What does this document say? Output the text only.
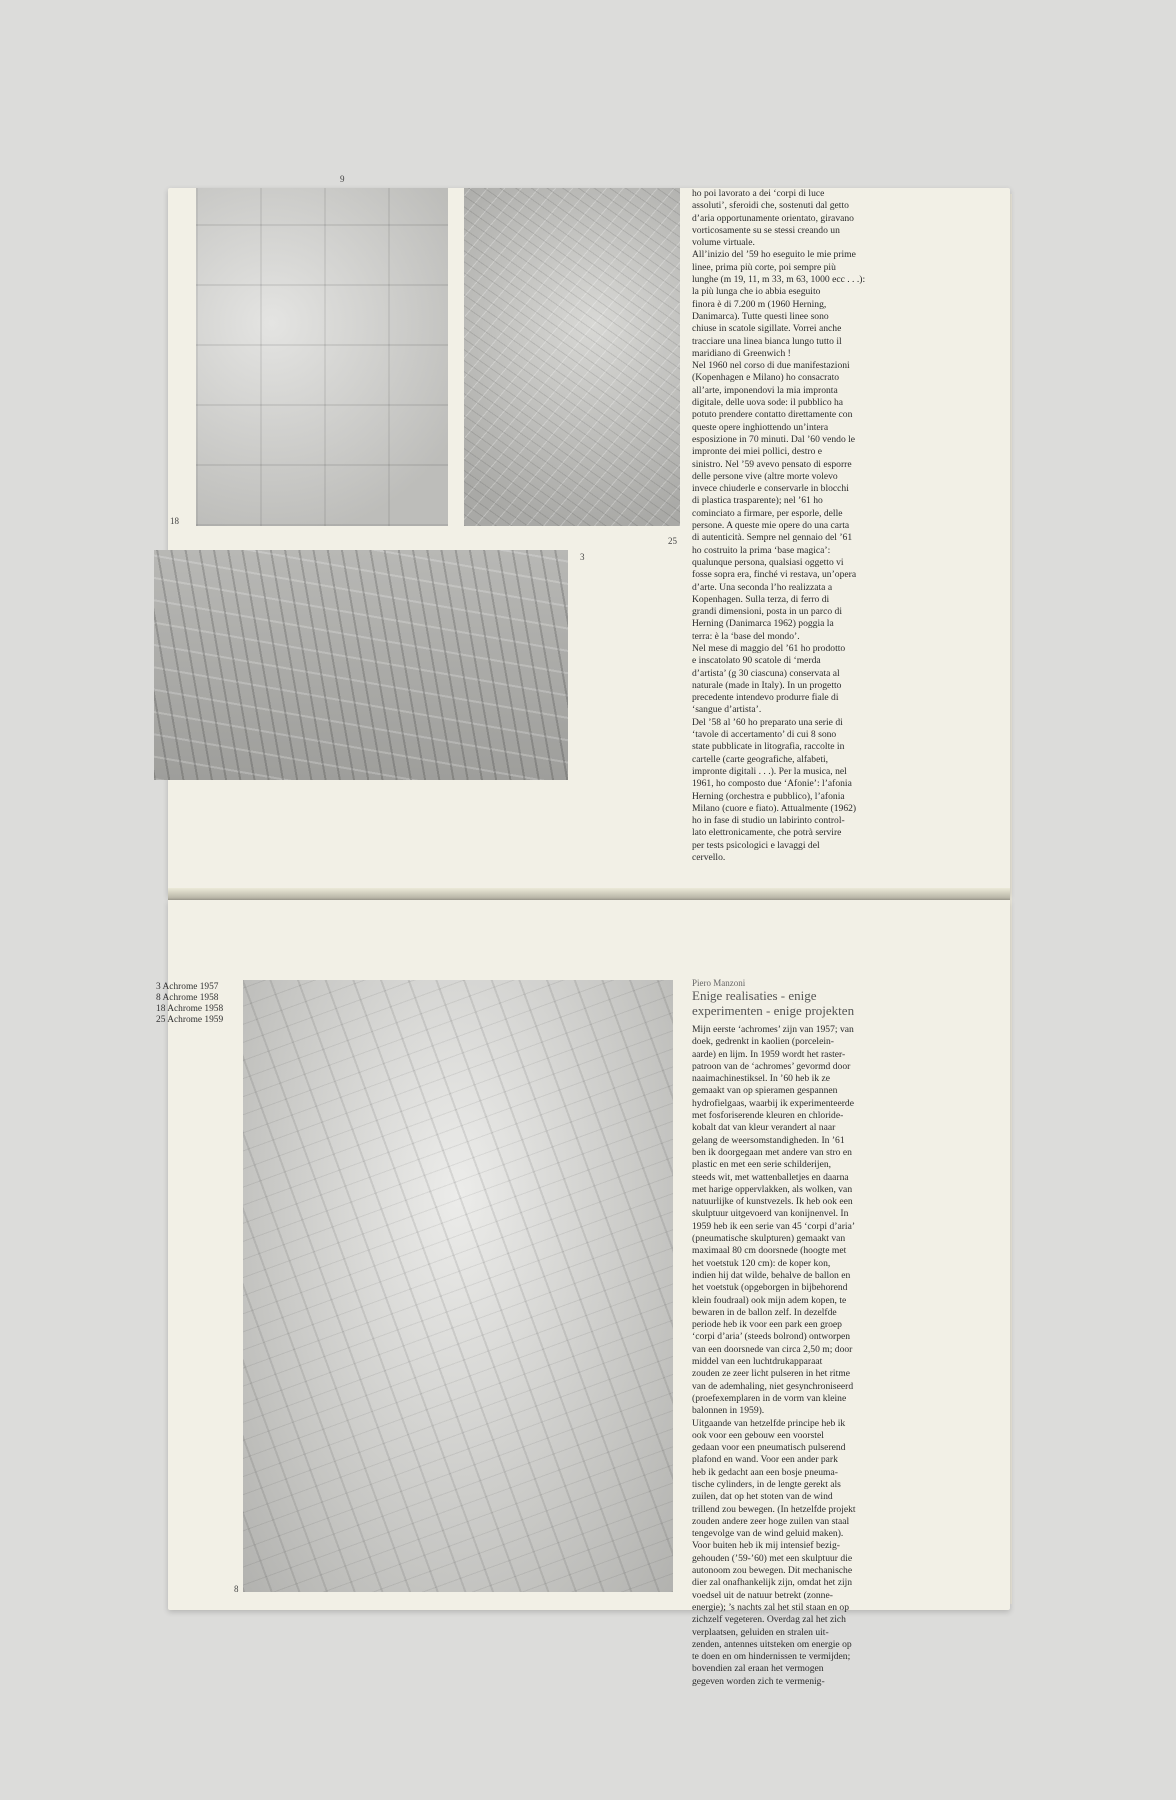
9
18
25
3

ho poi lavorato a dei ‘corpi di luce
assoluti’, sferoidi che, sostenuti dal getto
d’aria opportunamente orientato, giravano
vorticosamente su se stessi creando un
volume virtuale.
All’inizio del ’59 ho eseguito le mie prime
linee, prima più corte, poi sempre più
lunghe (m 19, 11, m 33, m 63, 1000 ecc . . .):
la più lunga che io abbia eseguito
finora è di 7.200 m (1960 Herning,
Danimarca). Tutte questi linee sono
chiuse in scatole sigillate. Vorrei anche
tracciare una linea bianca lungo tutto il
maridiano di Greenwich !
Nel 1960 nel corso di due manifestazioni
(Kopenhagen e Milano) ho consacrato
all’arte, imponendovi la mia impronta
digitale, delle uova sode: il pubblico ha
potuto prendere contatto direttamente con
queste opere inghiottendo un’intera
esposizione in 70 minuti. Dal ’60 vendo le
impronte dei miei pollici, destro e
sinistro. Nel ’59 avevo pensato di esporre
delle persone vive (altre morte volevo
invece chiuderle e conservarle in blocchi
di plastica trasparente); nel ’61 ho
cominciato a firmare, per esporle, delle
persone. A queste mie opere do una carta
di autenticità. Sempre nel gennaio del ’61
ho costruito la prima ‘base magica’:
qualunque persona, qualsiasi oggetto vi
fosse sopra era, finché vi restava, un’opera
d’arte. Una seconda l’ho realizzata a
Kopenhagen. Sulla terza, di ferro di
grandi dimensioni, posta in un parco di
Herning (Danimarca 1962) poggia la
terra: è la ‘base del mondo’.
Nel mese di maggio del ’61 ho prodotto
e inscatolato 90 scatole di ‘merda
d’artista’ (g 30 ciascuna) conservata al
naturale (made in Italy). In un progetto
precedente intendevo produrre fiale di
‘sangue d’artista’.
Del ’58 al ’60 ho preparato una serie di
‘tavole di accertamento’ di cui 8 sono
state pubblicate in litografia, raccolte in
cartelle (carte geografiche, alfabeti,
impronte digitali . . .). Per la musica, nel
1961, ho composto due ‘Afonie’: l’afonia
Herning (orchestra e pubblico), l’afonia
Milano (cuore e fiato). Attualmente (1962)
ho in fase di studio un labirinto control-
lato elettronicamente, che potrà servire
per tests psicologici e lavaggi del
cervello.

3 Achrome 1957
8 Achrome 1958
18 Achrome 1958
25 Achrome 1959

8

Piero Manzoni

Enige realisaties - enige
experimenten - enige projekten

Mijn eerste ‘achromes’ zijn van 1957; van
doek, gedrenkt in kaolien (porcelein-
aarde) en lijm. In 1959 wordt het raster-
patroon van de ‘achromes’ gevormd door
naaimachinestiksel. In ’60 heb ik ze
gemaakt van op spieramen gespannen
hydrofielgaas, waarbij ik experimenteerde
met fosforiserende kleuren en chloride-
kobalt dat van kleur verandert al naar
gelang de weersomstandigheden. In ’61
ben ik doorgegaan met andere van stro en
plastic en met een serie schilderijen,
steeds wit, met wattenballetjes en daarna
met harige oppervlakken, als wolken, van
natuurlijke of kunstvezels. Ik heb ook een
skulptuur uitgevoerd van konijnenvel. In
1959 heb ik een serie van 45 ‘corpi d’aria’
(pneumatische skulpturen) gemaakt van
maximaal 80 cm doorsnede (hoogte met
het voetstuk 120 cm): de koper kon,
indien hij dat wilde, behalve de ballon en
het voetstuk (opgeborgen in bijbehorend
klein foudraal) ook mijn adem kopen, te
bewaren in de ballon zelf. In dezelfde
periode heb ik voor een park een groep
‘corpi d’aria’ (steeds bolrond) ontworpen
van een doorsnede van circa 2,50 m; door
middel van een luchtdrukapparaat
zouden ze zeer licht pulseren in het ritme
van de ademhaling, niet gesynchroniseerd
(proefexemplaren in de vorm van kleine
balonnen in 1959).
Uitgaande van hetzelfde principe heb ik
ook voor een gebouw een voorstel
gedaan voor een pneumatisch pulserend
plafond en wand. Voor een ander park
heb ik gedacht aan een bosje pneuma-
tische cylinders, in de lengte gerekt als
zuilen, dat op het stoten van de wind
trillend zou bewegen. (In hetzelfde projekt
zouden andere zeer hoge zuilen van staal
tengevolge van de wind geluid maken).
Voor buiten heb ik mij intensief bezig-
gehouden (’59-’60) met een skulptuur die
autonoom zou bewegen. Dit mechanische
dier zal onafhankelijk zijn, omdat het zijn
voedsel uit de natuur betrekt (zonne-
energie); ’s nachts zal het stil staan en op
zichzelf vegeteren. Overdag zal het zich
verplaatsen, geluiden en stralen uit-
zenden, antennes uitsteken om energie op
te doen en om hindernissen te vermijden;
bovendien zal eraan het vermogen
gegeven worden zich te vermenig-
